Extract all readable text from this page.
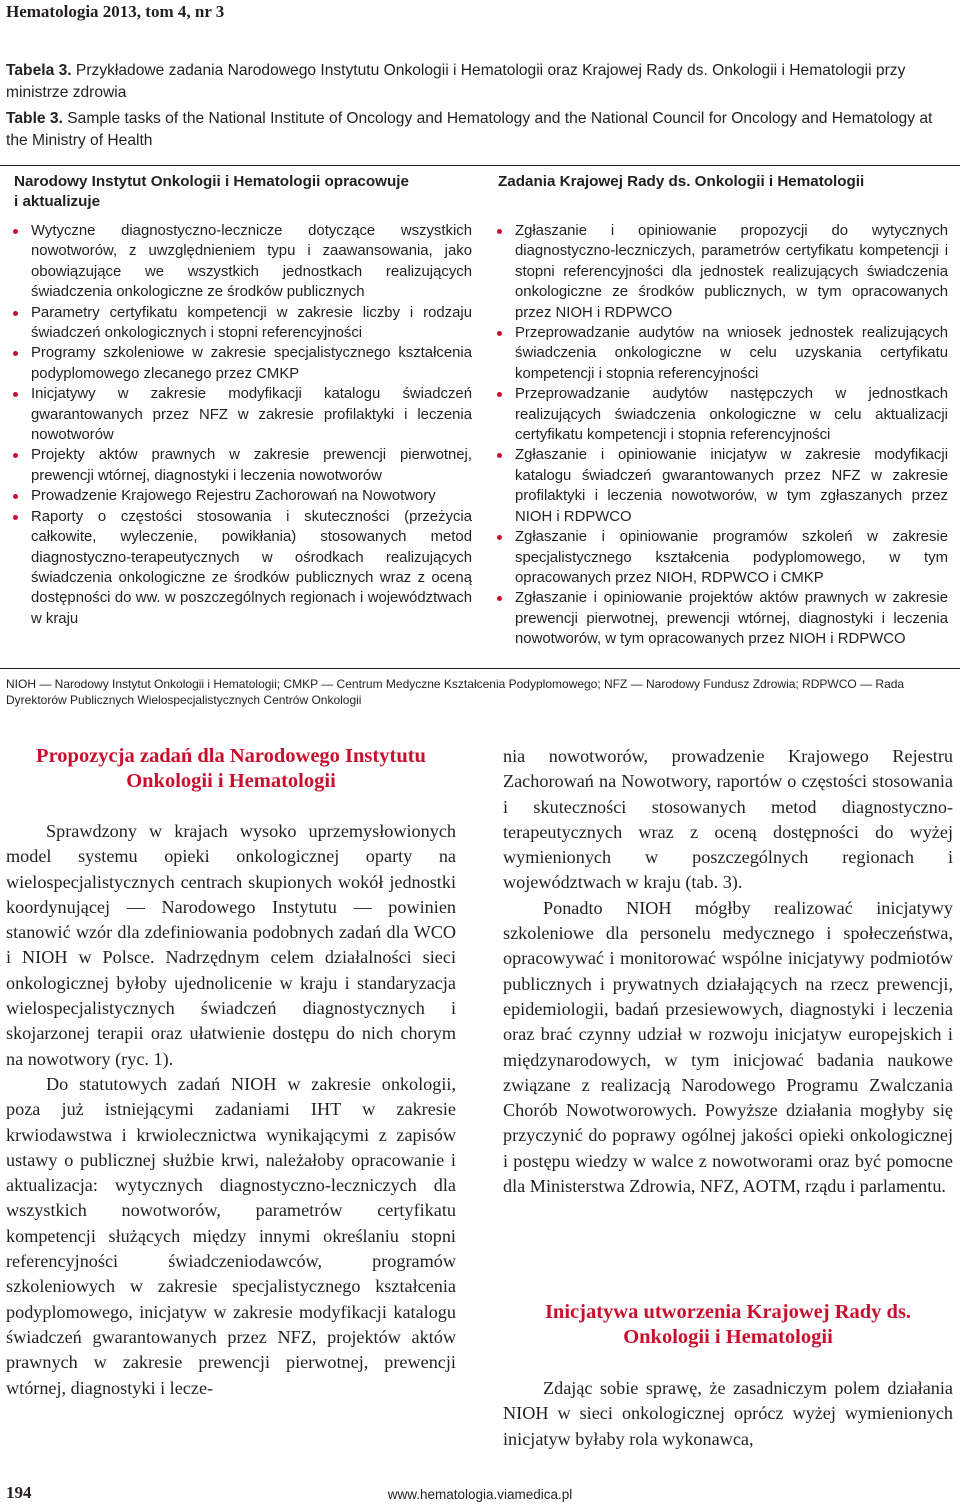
Hematologia 2013, tom 4, nr 3
Tabela 3. Przykładowe zadania Narodowego Instytutu Onkologii i Hematologii oraz Krajowej Rady ds. Onkologii i Hematologii przy ministrze zdrowia
Table 3. Sample tasks of the National Institute of Oncology and Hematology and the National Council for Oncology and Hematology at the Ministry of Health
Narodowy Instytut Onkologii i Hematologii opracowuje i aktualizuje
Zadania Krajowej Rady ds. Onkologii i Hematologii
Wytyczne diagnostyczno-lecznicze dotyczące wszystkich nowotworów, z uwzględnieniem typu i zaawansowania, jako obowiązujące we wszystkich jednostkach realizujących świadczenia onkologiczne ze środków publicznych
Parametry certyfikatu kompetencji w zakresie liczby i rodzaju świadczeń onkologicznych i stopni referencyjności
Programy szkoleniowe w zakresie specjalistycznego kształcenia podyplomowego zlecanego przez CMKP
Inicjatywy w zakresie modyfikacji katalogu świadczeń gwarantowanych przez NFZ w zakresie profilaktyki i leczenia nowotworów
Projekty aktów prawnych w zakresie prewencji pierwotnej, prewencji wtórnej, diagnostyki i leczenia nowotworów
Prowadzenie Krajowego Rejestru Zachorowań na Nowotwory
Raporty o częstości stosowania i skuteczności (przeżycia całkowite, wyleczenie, powikłania) stosowanych metod diagnostyczno-terapeutycznych w ośrodkach realizujących świadczenia onkologiczne ze środków publicznych wraz z oceną dostępności do ww. w poszczególnych regionach i województwach w kraju
Zgłaszanie i opiniowanie propozycji do wytycznych diagnostyczno-leczniczych, parametrów certyfikatu kompetencji i stopni referencyjności dla jednostek realizujących świadczenia onkologiczne ze środków publicznych, w tym opracowanych przez NIOH i RDPWCO
Przeprowadzanie audytów na wniosek jednostek realizujących świadczenia onkologiczne w celu uzyskania certyfikatu kompetencji i stopnia referencyjności
Przeprowadzanie audytów następczych w jednostkach realizujących świadczenia onkologiczne w celu aktualizacji certyfikatu kompetencji i stopnia referencyjności
Zgłaszanie i opiniowanie inicjatyw w zakresie modyfikacji katalogu świadczeń gwarantowanych przez NFZ w zakresie profilaktyki i leczenia nowotworów, w tym zgłaszanych przez NIOH i RDPWCO
Zgłaszanie i opiniowanie programów szkoleń w zakresie specjalistycznego kształcenia podyplomowego, w tym opracowanych przez NIOH, RDPWCO i CMKP
Zgłaszanie i opiniowanie projektów aktów prawnych w zakresie prewencji pierwotnej, prewencji wtórnej, diagnostyki i leczenia nowotworów, w tym opracowanych przez NIOH i RDPWCO
NIOH — Narodowy Instytut Onkologii i Hematologii; CMKP — Centrum Medyczne Kształcenia Podyplomowego; NFZ — Narodowy Fundusz Zdrowia; RDPWCO — Rada Dyrektorów Publicznych Wielospecjalistycznych Centrów Onkologii
Propozycja zadań dla Narodowego Instytutu Onkologii i Hematologii

Sprawdzony w krajach wysoko uprzemysłowionych model systemu opieki onkologicznej oparty na wielospecjalistycznych centrach skupionych wokół jednostki koordynującej — Narodowego Instytutu — powinien stanowić wzór dla zdefiniowania podobnych zadań dla WCO i NIOH w Polsce. Nadrzędnym celem działalności sieci onkologicznej byłoby ujednolicenie w kraju i standaryzacja wielospecjalistycznych świadczeń diagnostycznych i skojarzonej terapii oraz ułatwienie dostępu do nich chorym na nowotwory (ryc. 1).

Do statutowych zadań NIOH w zakresie onkologii, poza już istniejącymi zadaniami IHT w zakresie krwiodawstwa i krwiolecznictwa wynikającymi z zapisów ustawy o publicznej służbie krwi, należałoby opracowanie i aktualizacja: wytycznych diagnostyczno-leczniczych dla wszystkich nowotworów, parametrów certyfikatu kompetencji służących między innymi określaniu stopni referencyjności świadczeniodawców, programów szkoleniowych w zakresie specjalistycznego kształcenia podyplomowego, inicjatyw w zakresie modyfikacji katalogu świadczeń gwarantowanych przez NFZ, projektów aktów prawnych w zakresie prewencji pierwotnej, prewencji wtórnej, diagnostyki i lecze-

nia nowotworów, prowadzenie Krajowego Rejestru Zachorowań na Nowotwory, raportów o częstości stosowania i skuteczności stosowanych metod diagnostyczno-terapeutycznych wraz z oceną dostępności do wyżej wymienionych w poszczególnych regionach i województwach w kraju (tab. 3).

Ponadto NIOH mógłby realizować inicjatywy szkoleniowe dla personelu medycznego i społeczeństwa, opracowywać i monitorować wspólne inicjatywy podmiotów publicznych i prywatnych działających na rzecz prewencji, epidemiologii, badań przesiewowych, diagnostyki i leczenia oraz brać czynny udział w rozwoju inicjatyw europejskich i międzynarodowych, w tym inicjować badania naukowe związane z realizacją Narodowego Programu Zwalczania Chorób Nowotworowych. Powyższe działania mogłyby się przyczynić do poprawy ogólnej jakości opieki onkologicznej i postępu wiedzy w walce z nowotworami oraz być pomocne dla Ministerstwa Zdrowia, NFZ, AOTM, rządu i parlamentu.

Inicjatywa utworzenia Krajowej Rady ds. Onkologii i Hematologii

Zdając sobie sprawę, że zasadniczym polem działania NIOH w sieci onkologicznej oprócz wyżej wymienionych inicjatyw byłaby rola wykonawca,

194	www.hematologia.viamedica.pl
